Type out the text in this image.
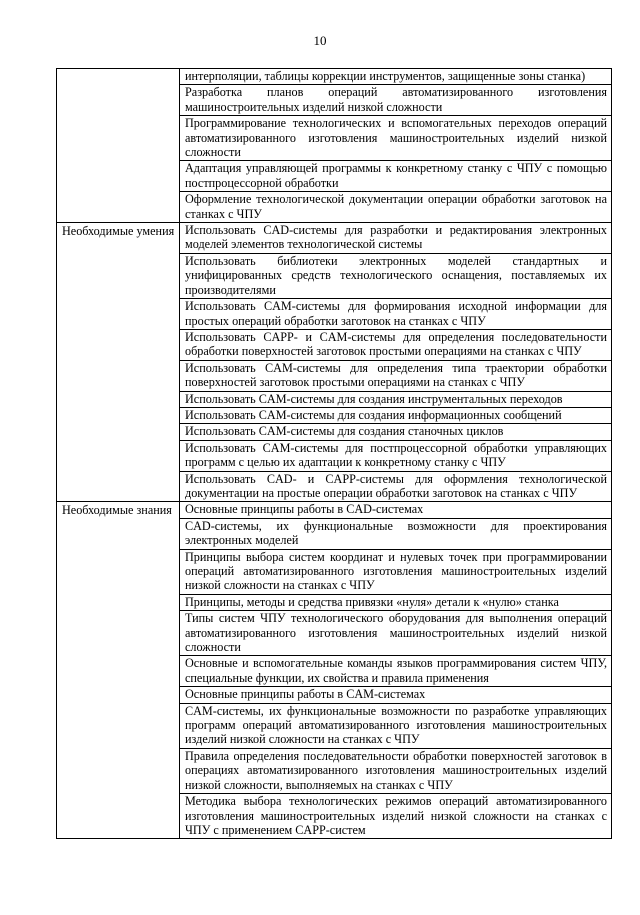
10
	интерполяции, таблицы коррекции инструментов, защищенные зоны станка)
	Разработка планов операций автоматизированного изготовления машиностроительных изделий низкой сложности
	Программирование технологических и вспомогательных переходов операций автоматизированного изготовления машиностроительных изделий низкой сложности
	Адаптация управляющей программы к конкретному станку с ЧПУ с помощью постпроцессорной обработки
	Оформление технологической документации операции обработки заготовок на станках с ЧПУ

Необходимые умения	Использовать CAD-системы для разработки и редактирования электронных моделей элементов технологической системы
	Использовать библиотеки электронных моделей стандартных и унифицированных средств технологического оснащения, поставляемых их производителями
	Использовать CAM-системы для формирования исходной информации для простых операций обработки заготовок на станках с ЧПУ
	Использовать CAPP- и CAM-системы для определения последовательности обработки поверхностей заготовок простыми операциями на станках с ЧПУ
	Использовать CAM-системы для определения типа траектории обработки поверхностей заготовок простыми операциями на станках с ЧПУ
	Использовать CAM-системы для создания инструментальных переходов
	Использовать CAM-системы для создания информационных сообщений
	Использовать CAM-системы для создания станочных циклов
	Использовать CAM-системы для постпроцессорной обработки управляющих программ с целью их адаптации к конкретному станку с ЧПУ
	Использовать CAD- и CAPP-системы для оформления технологической документации на простые операции обработки заготовок на станках с ЧПУ

Необходимые знания	Основные принципы работы в CAD-системах
	CAD-системы, их функциональные возможности для проектирования электронных моделей
	Принципы выбора систем координат и нулевых точек при программировании операций автоматизированного изготовления машиностроительных изделий низкой сложности на станках с ЧПУ
	Принципы, методы и средства привязки «нуля» детали к «нулю» станка
	Типы систем ЧПУ технологического оборудования для выполнения операций автоматизированного изготовления машиностроительных изделий низкой сложности
	Основные и вспомогательные команды языков программирования систем ЧПУ, специальные функции, их свойства и правила применения
	Основные принципы работы в CAM-системах
	CAM-системы, их функциональные возможности по разработке управляющих программ операций автоматизированного изготовления машиностроительных изделий низкой сложности на станках с ЧПУ
	Правила определения последовательности обработки поверхностей заготовок в операциях автоматизированного изготовления машиностроительных изделий низкой сложности, выполняемых на станках с ЧПУ
	Методика выбора технологических режимов операций автоматизированного изготовления машиностроительных изделий низкой сложности на станках с ЧПУ с применением CAPP-систем
